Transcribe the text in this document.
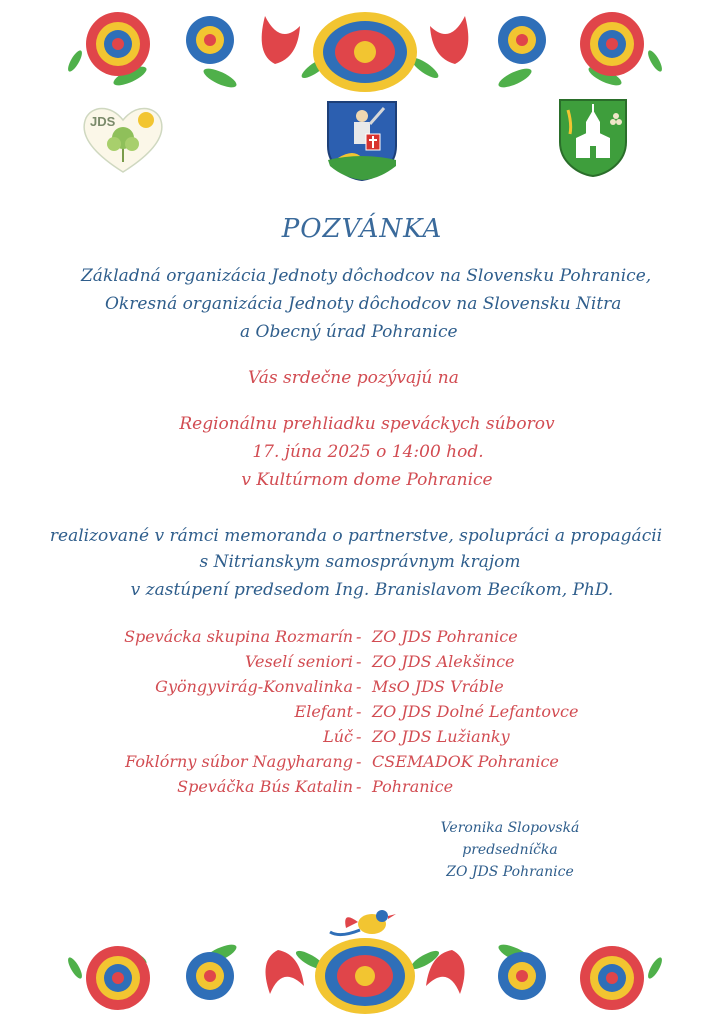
JDS
POZVÁNKA
Základná organizácia Jednoty dôchodcov na Slovensku Pohranice,
Okresná organizácia Jednoty dôchodcov na Slovensku Nitra
a Obecný úrad Pohranice
Vás srdečne pozývajú na
Regionálnu prehliadku speváckych súborov
17. júna 2025 o 14:00 hod.
v Kultúrnom dome Pohranice
realizované v rámci memoranda o partnerstve, spolupráci a propagácii
s Nitrianskym samosprávnym krajom
v zastúpení predsedom Ing. Branislavom Becíkom, PhD.
Spevácka skupina Rozmarín - ZO JDS Pohranice
Veselí seniori - ZO JDS Alekšince
Gyöngyvirág-Konvalinka - MsO JDS Vráble
Elefant - ZO JDS Dolné Lefantovce
Lúč - ZO JDS Lužianky
Foklórny súbor Nagyharang - CSEMADOK Pohranice
Speváčka Bús Katalin - Pohranice
Veronika Slopovská
predsedníčka
ZO JDS Pohranice
